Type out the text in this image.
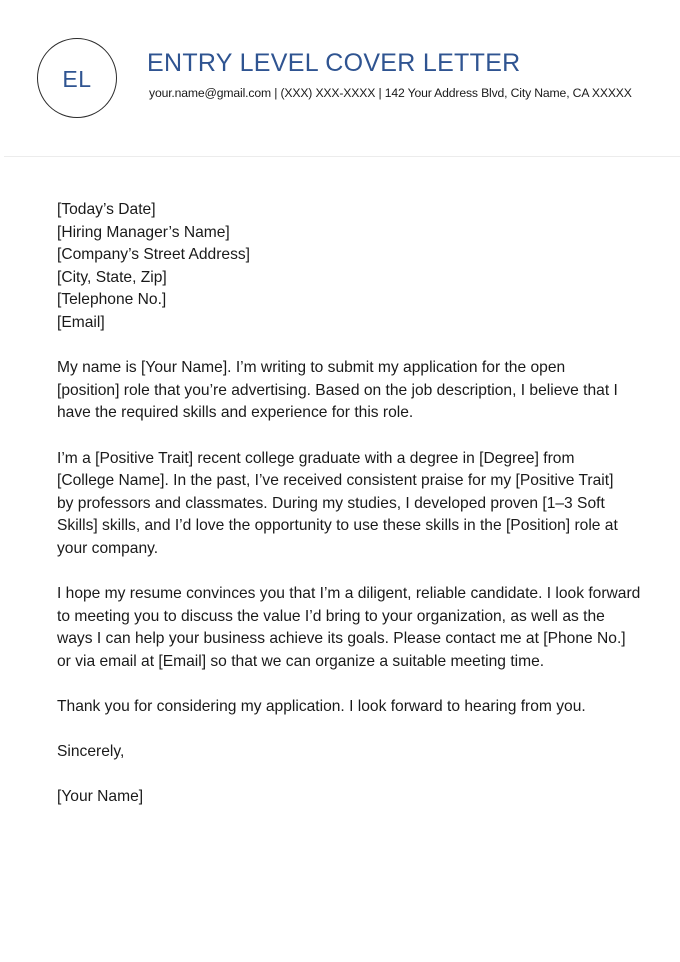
EL
ENTRY LEVEL COVER LETTER
your.name@gmail.com | (XXX) XXX-XXXX | 142 Your Address Blvd, City Name, CA XXXXX
[Today’s Date]
[Hiring Manager’s Name]
[Company’s Street Address]
[City, State, Zip]
[Telephone No.]
[Email]

My name is [Your Name]. I’m writing to submit my application for the open [position] role that you’re advertising. Based on the job description, I believe that I have the required skills and experience for this role.

I’m a [Positive Trait] recent college graduate with a degree in [Degree] from [College Name]. In the past, I’ve received consistent praise for my [Positive Trait] by professors and classmates. During my studies, I developed proven [1–3 Soft Skills] skills, and I’d love the opportunity to use these skills in the [Position] role at your company.

I hope my resume convinces you that I’m a diligent, reliable candidate. I look forward to meeting you to discuss the value I’d bring to your organization, as well as the ways I can help your business achieve its goals. Please contact me at [Phone No.] or via email at [Email] so that we can organize a suitable meeting time.

Thank you for considering my application. I look forward to hearing from you.

Sincerely,
[Your Name]
